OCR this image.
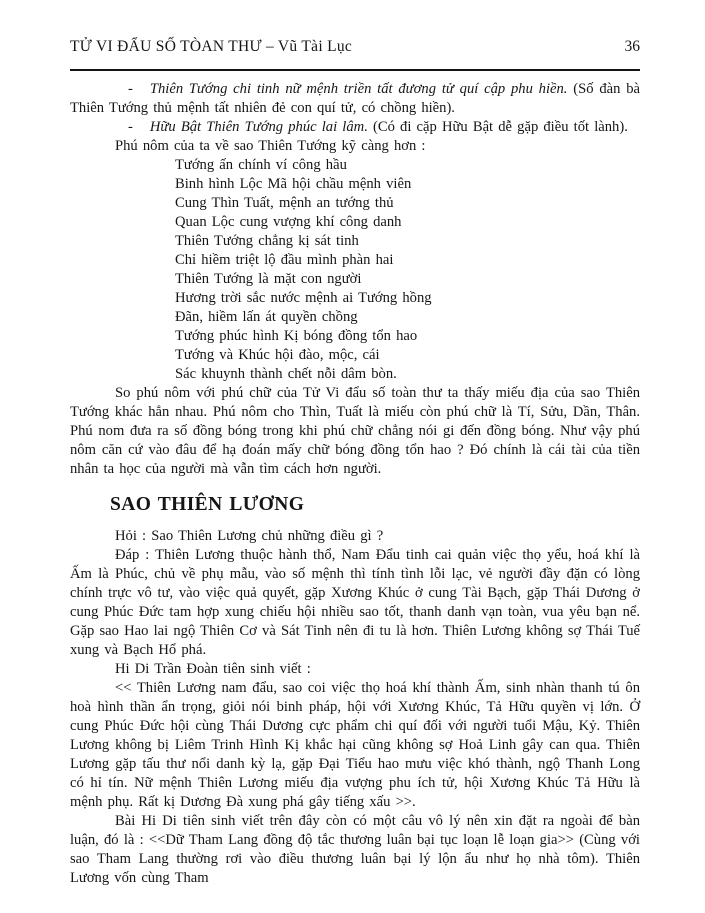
TỬ VI ĐẨU SỐ TÒAN THƯ – Vũ Tài Lục	36

- Thiên Tướng chi tinh nữ mệnh triền tất đương tử quí cập phu hiền. (Số đàn bà Thiên Tướng thủ mệnh tất nhiên đẻ con quí tử, có chồng hiền).

- Hữu Bật Thiên Tướng phúc lai lâm. (Có đi cặp Hữu Bật dễ gặp điều tốt lành).

Phú nôm của ta về sao Thiên Tướng kỹ càng hơn :

Tướng ấn chính ví công hầu
Binh hình Lộc Mã hội chầu mệnh viên
Cung Thìn Tuất, mệnh an tướng thủ
Quan Lộc cung vượng khí công danh
Thiên Tướng chẳng kị sát tinh
Chỉ hiềm triệt lộ đầu mình phàn hai
Thiên Tướng là mặt con người
Hương trời sắc nước mệnh ai Tướng hồng
Đãn, hiềm lấn át quyền chồng
Tướng phúc hình Kị bóng đồng tổn hao
Tướng và Khúc hội đào, mộc, cái
Sác khuynh thành chết nỗi dâm bòn.

So phú nôm với phú chữ của Tử Vi đẩu số toàn thư ta thấy miếu địa của sao Thiên Tướng khác hẳn nhau. Phú nôm cho Thìn, Tuất là miếu còn phú chữ là Tí, Sửu, Dần, Thân. Phú nom đưa ra số đồng bóng trong khi phú chữ chẳng nói gi đến đồng bóng. Như vậy phú nôm căn cứ vào đâu để hạ đoán mấy chữ bóng đồng tổn hao ? Đó chính là cái tài của tiền nhân ta học của người mà vẫn tìm cách hơn người.

SAO THIÊN LƯƠNG

Hỏi : Sao Thiên Lương chủ những điều gì ?

Đáp : Thiên Lương thuộc hành thổ, Nam Đẩu tinh cai quản việc thọ yểu, hoá khí là Ấm là Phúc, chủ về phụ mẫu, vào số mệnh thì tính tình lỗi lạc, vẻ người đầy đặn có lòng chính trực vô tư, vào việc quả quyết, gặp Xương Khúc ở cung Tài Bạch, gặp Thái Dương ở cung Phúc Đức tam hợp xung chiếu hội nhiều sao tốt, thanh danh vạn toàn, vua yêu bạn nể. Gặp sao Hao lai ngộ Thiên Cơ và Sát Tinh nên đi tu là hơn. Thiên Lương không sợ Thái Tuế xung và Bạch Hổ phá.

Hi Di Trần Đoàn tiên sinh viết :

<< Thiên Lương nam đẩu, sao coi việc thọ hoá khí thành Ấm, sinh nhàn thanh tú ôn hoà hình thần ẩn trọng, giỏi nói binh pháp, hội với Xương Khúc, Tả Hữu quyền vị lớn. Ở cung Phúc Đức hội cùng Thái Dương cực phẩm chi quí đối với người tuổi Mậu, Kỷ. Thiên Lương không bị Liêm Trinh Hình Kị khắc hại cũng không sợ Hoả Linh gây can qua. Thiên Lương gặp tấu thư nổi danh kỳ lạ, gặp Đại Tiểu hao mưu việc khó thành, ngộ Thanh Long có hỉ tín. Nữ mệnh Thiên Lương miếu địa vượng phu ích tử, hội Xương Khúc Tả Hữu là mệnh phụ. Rất kị Dương Đà xung phá gây tiếng xấu >>.

Bài Hi Di tiên sinh viết trên đây còn có một câu vô lý nên xin đặt ra ngoài để bàn luận, đó là : <<Dữ Tham Lang đồng độ tắc thương luân bại tục loạn lễ loạn gia>> (Cùng với sao Tham Lang thường rơi vào điều thương luân bại lý lộn ẩu như họ nhà tôm). Thiên Lương vốn cùng Tham
